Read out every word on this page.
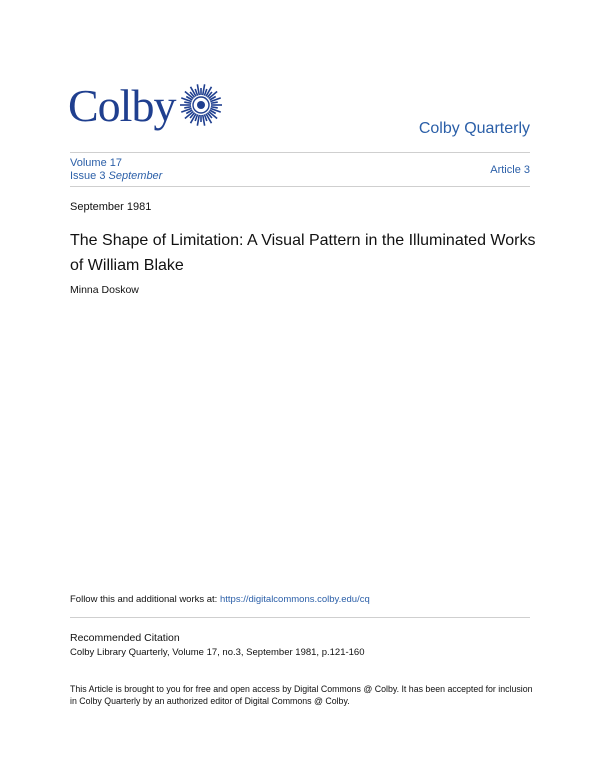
Colby	Colby Quarterly
Volume 17
Issue 3 September	Article 3
September 1981
The Shape of Limitation: A Visual Pattern in the Illuminated Works of William Blake
Minna Doskow
Follow this and additional works at: https://digitalcommons.colby.edu/cq
Recommended Citation
Colby Library Quarterly, Volume 17, no.3, September 1981, p.121-160
This Article is brought to you for free and open access by Digital Commons @ Colby. It has been accepted for inclusion in Colby Quarterly by an authorized editor of Digital Commons @ Colby.
